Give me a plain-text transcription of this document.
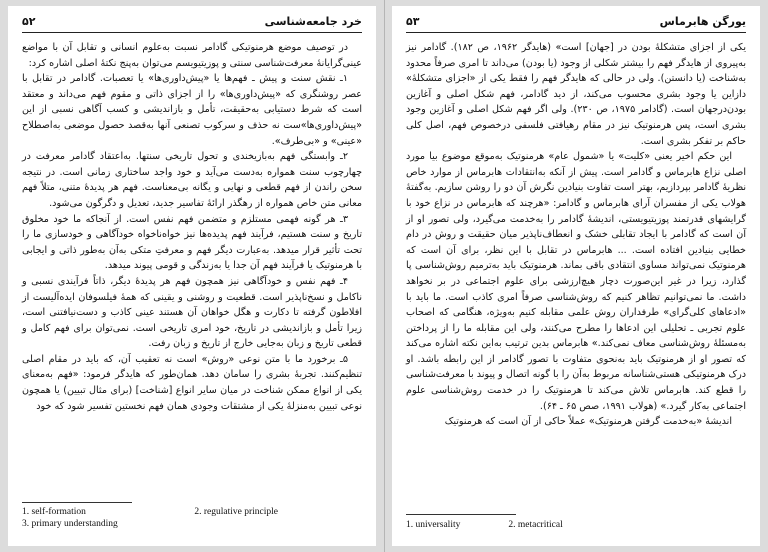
۵۲	خرد جامعه‌شناسی

در توصیف موضع هرمنوتیکی گادامر نسبت به‌علوم انسانی و تقابل آن با مواضع عینی‌گرایانهٔ معرفت‌شناسی سنتی و پوزیتیویسم می‌توان به‌پنج نکتهٔ اصلی اشاره کرد:

۱ـ نقش سنت و پیش ـ فهم‌ها یا «پیش‌داوری‌ها» یا تعصبات. گادامر در تقابل با عصر روشنگری که «پیش‌داوری‌ها» را از اجزای ذاتی و مقوم فهم می‌داند و معتقد است که شرط دستیابی به‌حقیقت، تأمل و بازاندیشی و کسب آگاهی نسبی از این «پیش‌داوری‌ها»ست نه حذف و سرکوب تصنعی آنها به‌قصد حصول موضعی به‌اصطلاح «عینی» و «بی‌طرف».

۲ـ وابستگی فهم به‌بازیخندی و تحول تاریخی سنتها. به‌اعتقاد گادامر معرفت در چهارچوب سنت همواره به‌دست می‌آید و خود واجد ساختاری زمانی است. در نتیجه سخن راندن از فهم قطعی و نهایی و یگانه بی‌معناست. فهم هر پدیدهٔ متنی، متلاً فهم معانی متن خاص همواره از رهگذر ارائهٔ تفاسیر جدید، تعدیل و دگرگون می‌شود.

۳ـ هر گونه فهمی مستلزم و متضمن فهم نفس است. از آنجاکه ما خود مخلوق تاریخ و سنت هستیم، فرآیند فهم پدیده‌ها نیز خواه‌ناخواه خودآگاهی و خودسازی ما را تحت تأثیر قرار میدهد. به‌عبارت دیگر فهم و معرفتِ متکی به‌آن به‌طور ذاتی و ایجابی با هرمنوتیک یا فرآیند فهم آن جدا یا به‌زندگی و قومی پیوند میدهد.

۴ـ فهم نفس و خودآگاهی نیز همچون فهم هر پدیدهٔ دیگر، ذاتاً فرآیندی نسبی و ناکامل و نسخ‌ناپذیر است. قطعیت و روشنی و یقینی که همهٔ فیلسوفان ایده‌آلیست از افلاطون گرفته تا دکارت و هگل خواهان آن هستند عینی کاذب و دست‌نیافتنی است، زیرا تأمل و بازاندیشی در تاریخ، خود امری تاریخی است. نمی‌توان برای فهم کامل و قطعی تاریخ و زبان به‌جایی خارج از تاریخ و زبان رفت.

۵ـ برخورد ما با متن نوعی «روش» است نه تعقیب آن، که باید در مقام اصلی تنظیم‌کنند. تجربهٔ بشری را سامان دهد. همان‌طور که هایدگر فرمود: «فهم به‌معنای یکی از انواع ممکن شناخت در میان سایر انواع [شناخت] (برای مثال تبیین) یا همچون نوعی تبیین به‌منزلهٔ یکی از مشتقات وجودی همان فهم نخستین تفسیر شود که خود

1. self-formation	2. regulative principle
3. primary understanding
۵۳	یورگن هابرماس

یکی از اجزای متشکلهٔ بودن در [جهان] است» (هایدگر ۱۹۶۲، ص ۱۸۲). گادامر نیز به‌پیروی از هایدگر فهم را بیشتر شکلی از وجود (یا بودن) می‌داند تا امری صرفاً محدود به‌شناخت (یا دانستن). ولی در حالی که هایدگر فهم را فقط یکی از «اجزای متشکلهٔ» دازاین یا وجود بشری محسوب می‌کند، از دید گادامر، فهم شکل اصلی و آغازین بودن‌در‌جهان است. (گادامر ۱۹۷۵، ص ۲۳۰). ولی اگر فهم شکل اصلی و آغازین وجود بشری است، پس هرمنوتیک نیز در مقام رهیافتی فلسفی درخصوص فهم، اصل کلی حاکم بر تفکر بشری است.

این حکم اخیر یعنی «کلیت» یا «شمول عام» هرمنوتیک به‌موقع موضوع بیا مورد اصلی نزاع هابرماس و گادامر است. پیش از آنکه به‌انتقادات هابرماس از موارد خاص نظریهٔ گادامر بپردازیم، بهتر است تفاوت بنیادین نگرش آن دو را روشن سازیم. به‌گفتهٔ هولاب یکی از مفسران آرای هابرماس و گادامر: «هرچند که هابرماس در نزاع خود با گرایشهای قدرتمند پوزیتیویستی، اندیشهٔ گادامر را به‌خدمت می‌گیرد، ولی تصور او از آن است که گادامر با ایجاد تقابلی خشک و انعطاف‌ناپذیر میان حقیقت و روش در دام خطایی بنیادین افتاده است. ... هابرماس در تقابل با این نظر، برای آن است که هرمنوتیک نمی‌تواند مساوی انتقادی باقی بماند. هرمنوتیک باید به‌ترمیم روش‌شناسی پا گذارد، زیرا در غیر این‌صورت دچار هیچ‌ارزشی برای علوم اجتماعی در بر نخواهد داشت. ما نمی‌توانیم تظاهر کنیم که روش‌شناسی صرفاً امری کاذب است. ما باید با «ادعاهای کلی‌گرای» طرفداران روش علمی مقابله کنیم به‌ویژه، هنگامی که اصحاب علوم تجربی ـ تحلیلی این ادعاها را مطرح می‌کنند، ولی این مقابله ما را از پرداختن به‌مسئلهٔ روش‌شناسی معاف نمی‌کند.» هابرماس بدین ترتیب به‌این نکته اشاره می‌کند که تصور او از هرمنوتیک باید به‌نحوی متفاوت با تصور گادامر از این رابطه باشد. او درک هرمنوتیکی هستی‌شناسانه مربوط به‌آن را با گونه اتصال و پیوند با معرفت‌شناسی را قطع کند. هابرماس تلاش می‌کند تا هرمنوتیک را در خدمت روش‌شناسی علوم اجتماعی به‌کار گیرد.» (هولاب ۱۹۹۱، صص ۶۵ ـ ۶۴).

اندیشهٔ «به‌خدمت گرفتن هرمنوتیک» عملاً حاکی از آن است که هرمنوتیک

1. universality	2. metacritical
